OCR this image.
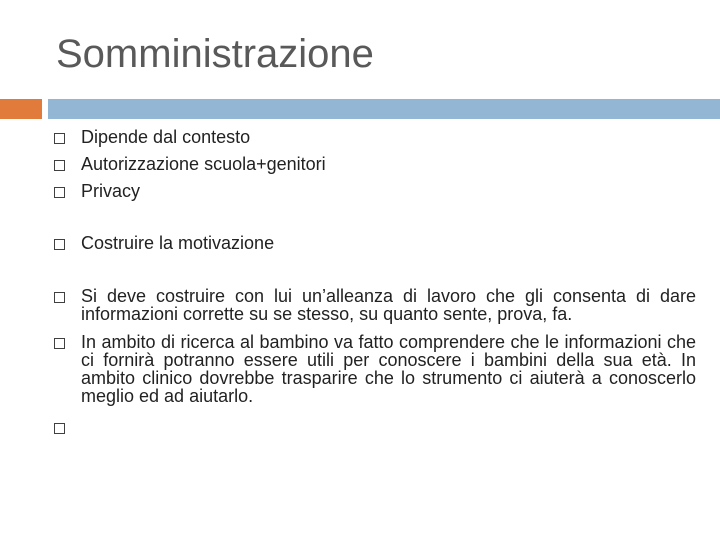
Somministrazione
Dipende dal contesto
Autorizzazione scuola+genitori
Privacy
Costruire la motivazione
Si deve costruire con lui un’alleanza di lavoro che gli consenta di dare informazioni corrette su se stesso, su quanto sente, prova, fa.
In ambito di ricerca al bambino va fatto comprendere che le informazioni che ci fornirà potranno essere utili per conoscere i bambini della sua età. In ambito clinico dovrebbe trasparire che lo strumento ci aiuterà a conoscerlo meglio ed ad aiutarlo.
